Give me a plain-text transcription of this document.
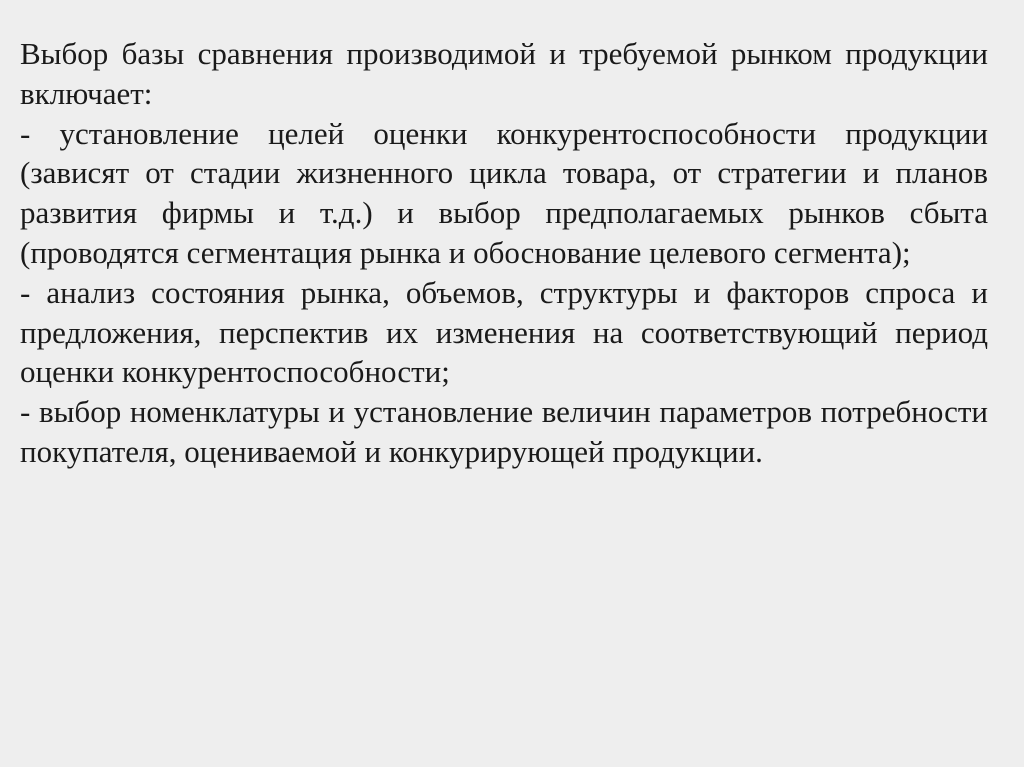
Выбор базы сравнения производимой и требуемой рынком продукции включает:

- установление целей оценки конкурентоспособности продукции (зависят от стадии жизненного цикла товара, от стратегии и планов развития фирмы и т.д.) и выбор предполагаемых рынков сбыта (проводятся сегментация рынка и обоснование целевого сегмента);

- анализ состояния рынка, объемов, структуры и факторов спроса и предложения, перспектив их изменения на соответствующий период оценки конкурентоспособности;

- выбор номенклатуры и установление величин параметров потребности покупателя, оцениваемой и конкурирующей продукции.
